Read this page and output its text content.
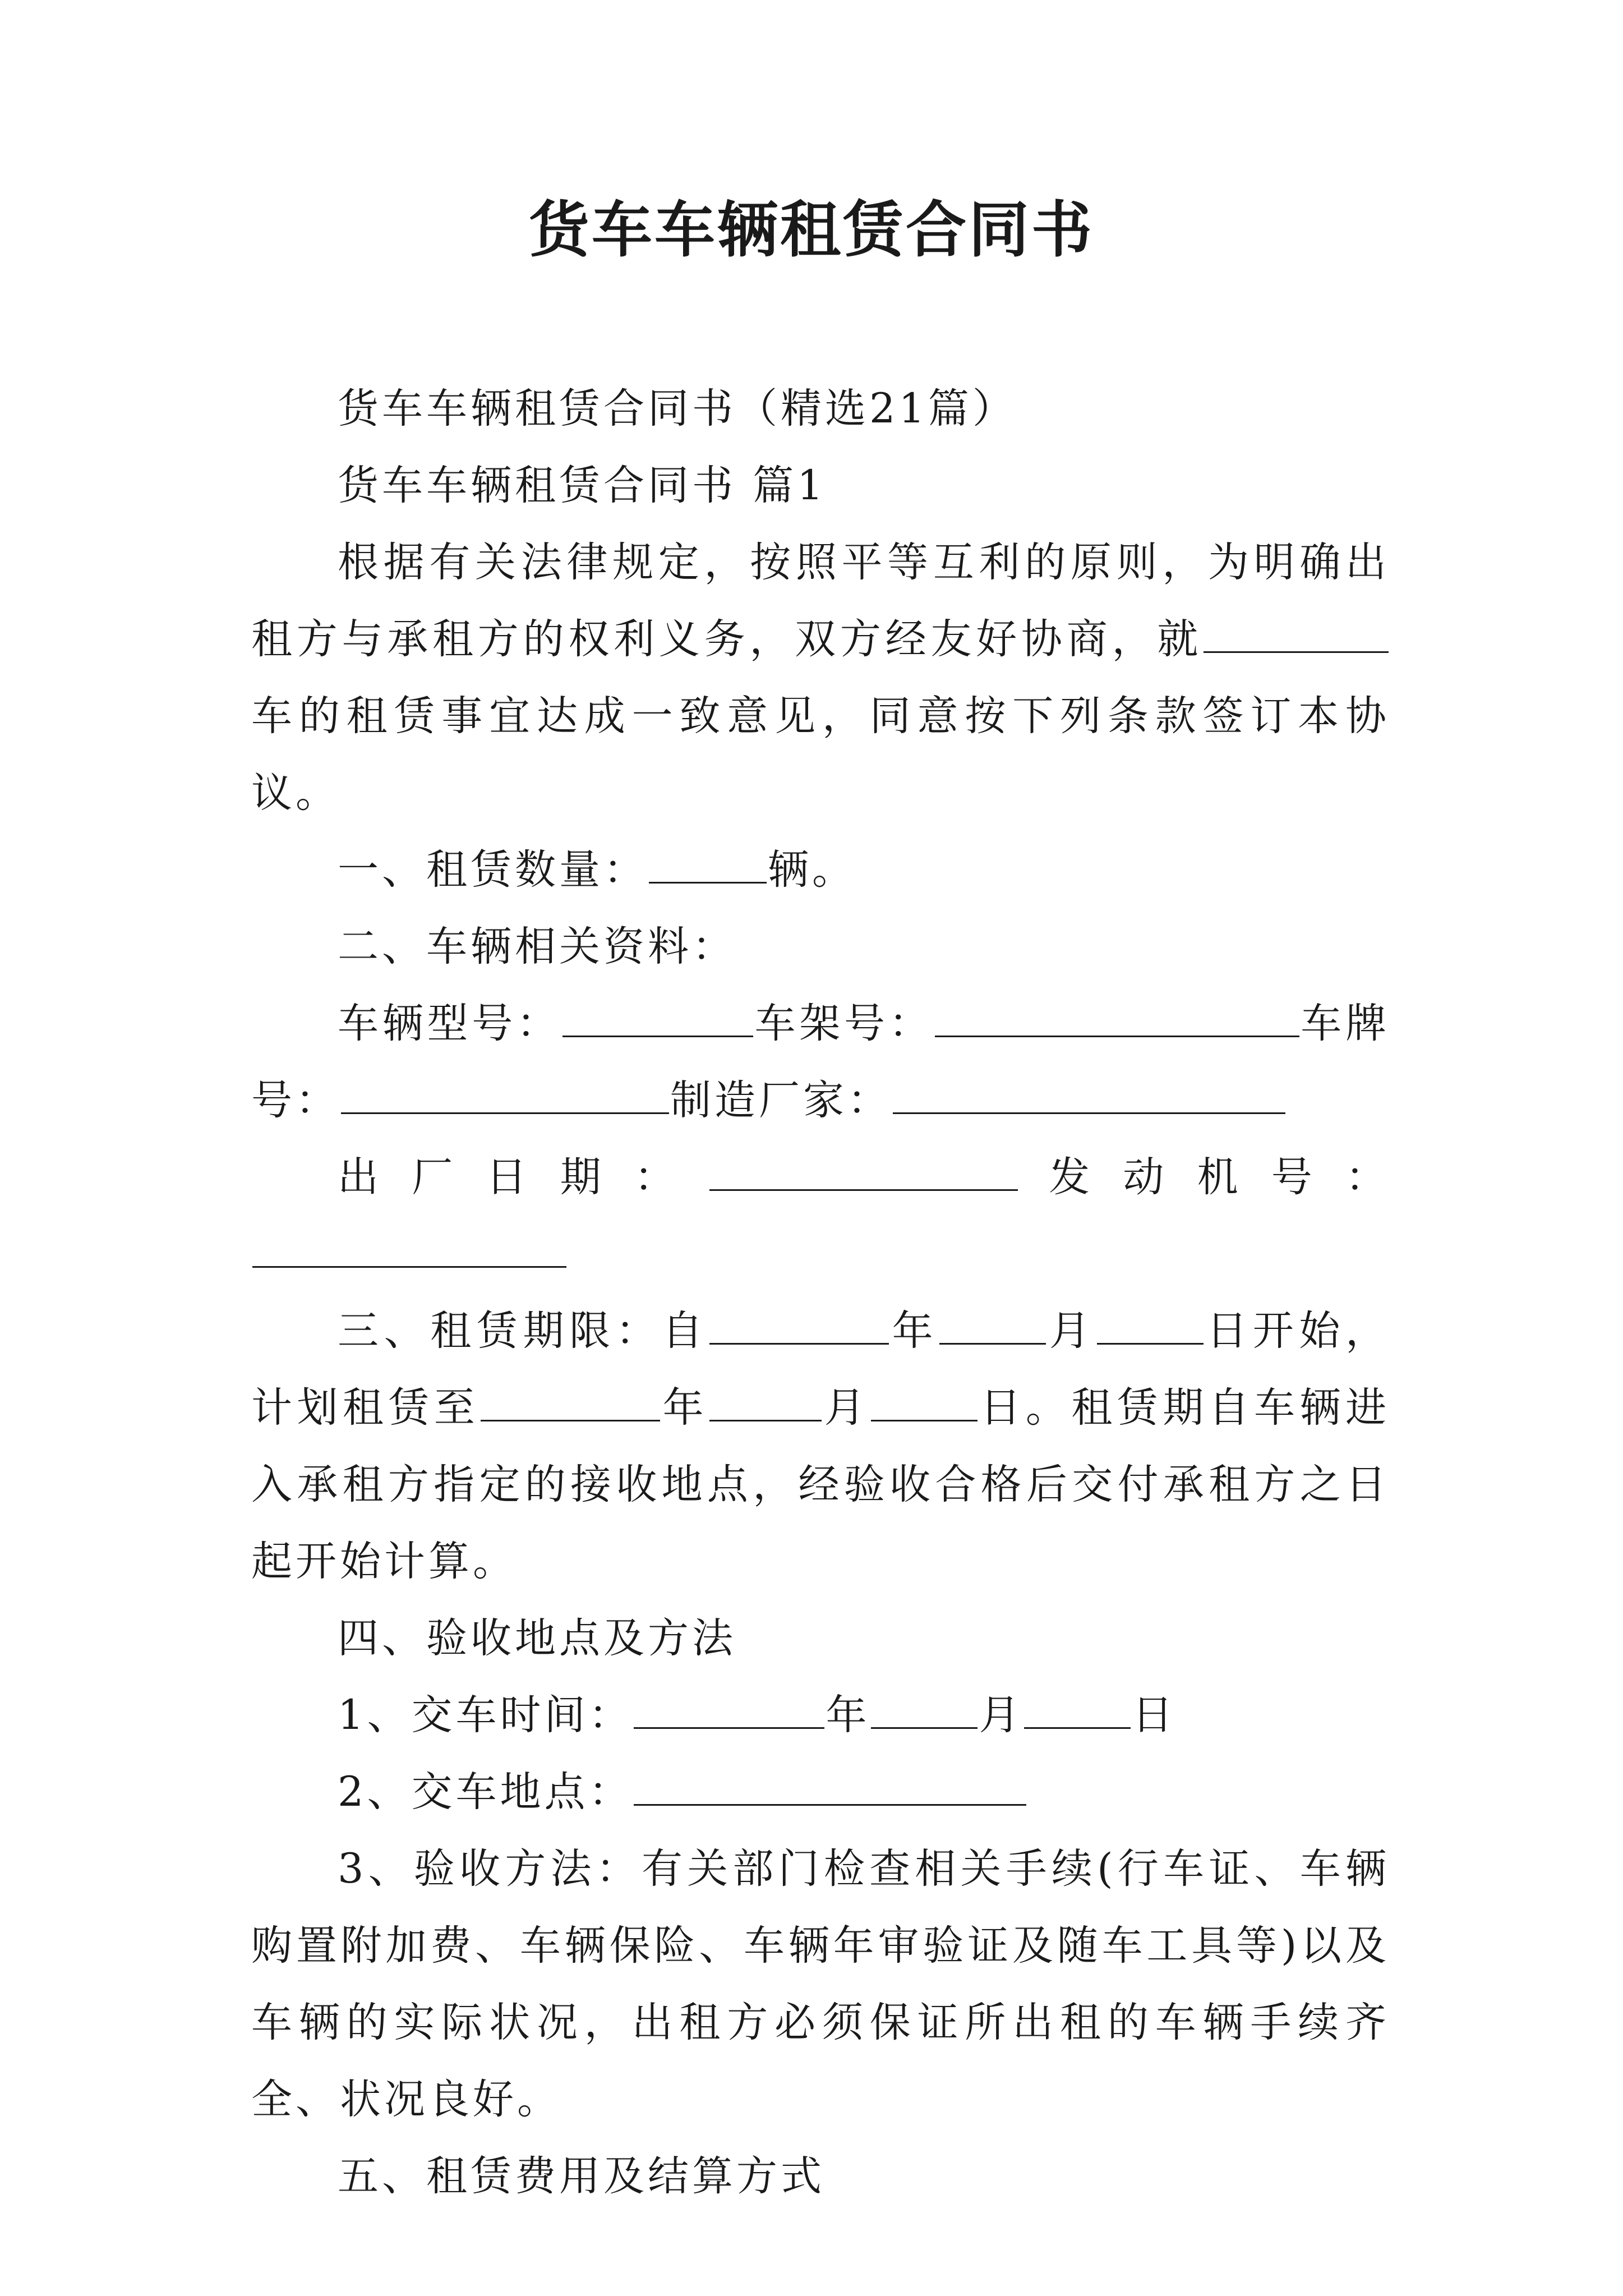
货车车辆租赁合同书

货车车辆租赁合同书（精选21篇）

货车车辆租赁合同书 篇1

根据有关法律规定，按照平等互利的原则，为明确出租方与承租方的权利义务，双方经友好协商，就车的租赁事宜达成一致意见，同意按下列条款签订本协议。

一、租赁数量：	辆。

二、车辆相关资料：

车辆型号：	车架号：	车牌号：	制造厂家：

出厂日期：	发动机号：

三、租赁期限：自	年	月	日开始，计划租赁至	年	月	日。租赁期自车辆进入承租方指定的接收地点，经验收合格后交付承租方之日起开始计算。

四、验收地点及方法

1、交车时间：	年	月	日

2、交车地点：

3、验收方法：有关部门检查相关手续(行车证、车辆购置附加费、车辆保险、车辆年审验证及随车工具等)以及车辆的实际状况，出租方必须保证所出租的车辆手续齐全、状况良好。

五、租赁费用及结算方式
